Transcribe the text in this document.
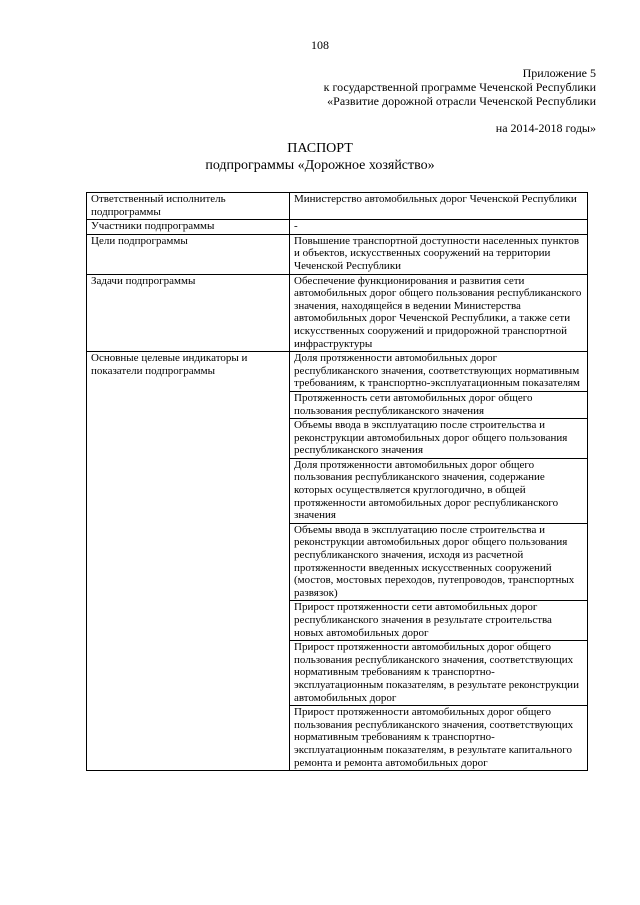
108
Приложение 5
к государственной программе Чеченской Республики
«Развитие дорожной отрасли Чеченской Республики
на 2014-2018 годы»
ПАСПОРТ
подпрограммы «Дорожное хозяйство»
Ответственный исполнитель подпрограммы	Министерство автомобильных дорог Чеченской Республики
Участники подпрограммы	-
Цели подпрограммы	Повышение транспортной доступности населенных пунктов и объектов, искусственных сооружений на территории Чеченской Республики
Задачи подпрограммы	Обеспечение функционирования и развития сети автомобильных дорог общего пользования республиканского значения, находящейся в ведении Министерства автомобильных дорог Чеченской Республики, а также сети искусственных сооружений и придорожной транспортной инфраструктуры
Основные целевые индикаторы и показатели подпрограммы	Доля протяженности автомобильных дорог республиканского значения, соответствующих нормативным требованиям, к транспортно-эксплуатационным показателям
	Протяженность сети автомобильных дорог общего пользования республиканского значения
	Объемы ввода в эксплуатацию после строительства и реконструкции автомобильных дорог общего пользования республиканского значения
	Доля протяженности автомобильных дорог общего пользования республиканского значения, содержание которых осуществляется круглогодично, в общей протяженности автомобильных дорог республиканского значения
	Объемы ввода в эксплуатацию после строительства и реконструкции автомобильных дорог общего пользования республиканского значения, исходя из расчетной протяженности введенных искусственных сооружений (мостов, мостовых переходов, путепроводов, транспортных развязок)
	Прирост протяженности сети автомобильных дорог республиканского значения в результате строительства новых автомобильных дорог
	Прирост протяженности автомобильных дорог общего пользования республиканского значения, соответствующих нормативным требованиям к транспортно-эксплуатационным показателям, в результате реконструкции автомобильных дорог
	Прирост протяженности автомобильных дорог общего пользования республиканского значения, соответствующих нормативным требованиям к транспортно-эксплуатационным показателям, в результате капитального ремонта и ремонта автомобильных дорог
